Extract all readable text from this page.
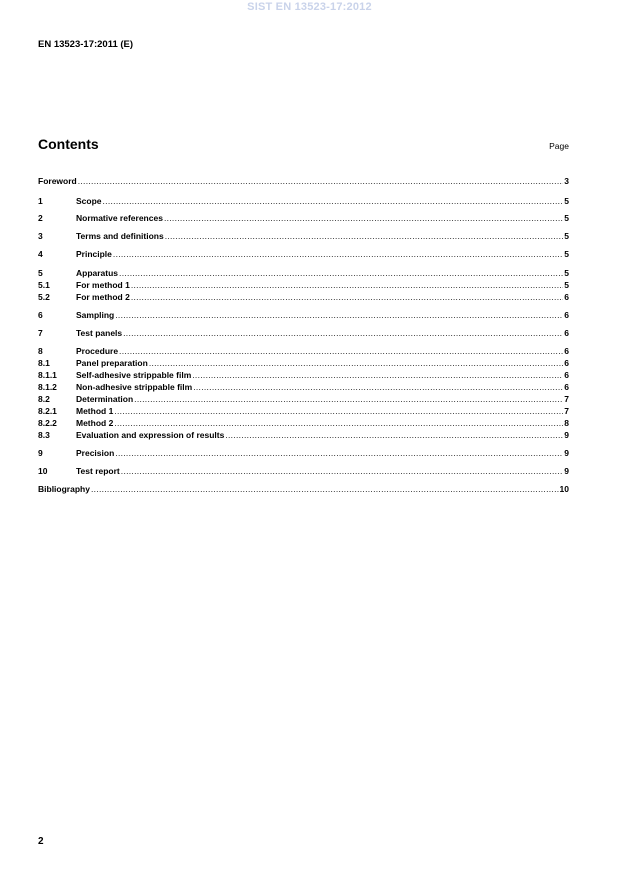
SIST EN 13523-17:2012
EN 13523-17:2011 (E)
Contents	Page
Foreword .....	3
1	Scope .....	5
2	Normative references .....	5
3	Terms and definitions .....	5
4	Principle .....	5
5	Apparatus .....	5
5.1	For method 1 .....	5
5.2	For method 2 .....	6
6	Sampling .....	6
7	Test panels .....	6
8	Procedure .....	6
8.1	Panel preparation .....	6
8.1.1	Self-adhesive strippable film .....	6
8.1.2	Non-adhesive strippable film .....	6
8.2	Determination .....	7
8.2.1	Method 1 .....	7
8.2.2	Method 2 .....	8
8.3	Evaluation and expression of results .....	9
9	Precision .....	9
10	Test report .....	9
Bibliography .....	10
2
